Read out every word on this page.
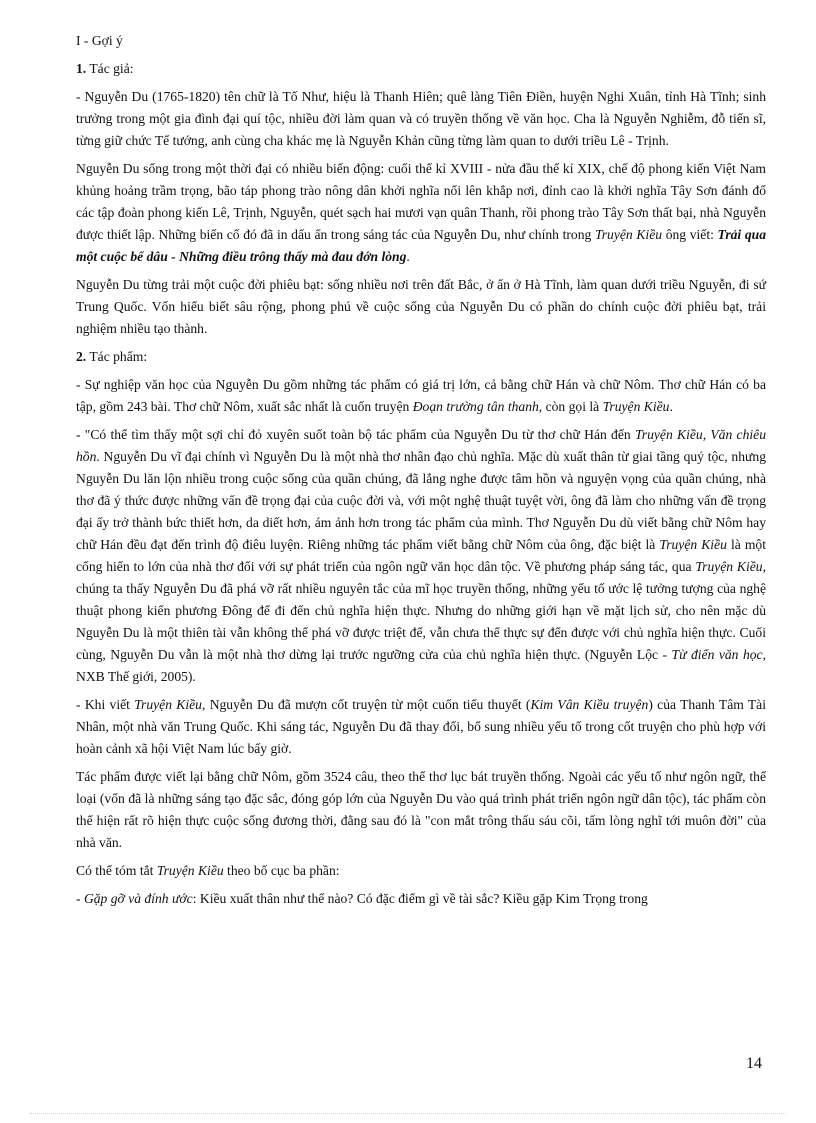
I - Gợi ý

1. Tác giả:

- Nguyễn Du (1765-1820) tên chữ là Tố Như, hiệu là Thanh Hiên; quê làng Tiên Điền, huyện Nghi Xuân, tỉnh Hà Tĩnh; sinh trưởng trong một gia đình đại quí tộc, nhiều đời làm quan và có truyền thống về văn học. Cha là Nguyễn Nghiễm, đỗ tiến sĩ, từng giữ chức Tể tướng, anh cùng cha khác mẹ là Nguyễn Khản cũng từng làm quan to dưới triều Lê - Trịnh.

Nguyễn Du sống trong một thời đại có nhiều biến động: cuối thế kỉ XVIII - nửa đầu thế kỉ XIX, chế độ phong kiến Việt Nam khủng hoảng trầm trọng, bão táp phong trào nông dân khởi nghĩa nổi lên khắp nơi, đỉnh cao là khởi nghĩa Tây Sơn đánh đổ các tập đoàn phong kiến Lê, Trịnh, Nguyễn, quét sạch hai mươi vạn quân Thanh, rồi phong trào Tây Sơn thất bại, nhà Nguyễn được thiết lập. Những biến cố đó đã in dấu ấn trong sáng tác của Nguyễn Du, như chính trong Truyện Kiều ông viết: Trải qua một cuộc bể dâu - Những điều trông thấy mà đau đớn lòng.

Nguyễn Du từng trải một cuộc đời phiêu bạt: sống nhiều nơi trên đất Bắc, ở ẩn ở Hà Tĩnh, làm quan dưới triều Nguyễn, đi sứ Trung Quốc. Vốn hiểu biết sâu rộng, phong phú về cuộc sống của Nguyễn Du có phần do chính cuộc đời phiêu bạt, trải nghiệm nhiều tạo thành.

2. Tác phẩm:

- Sự nghiệp văn học của Nguyễn Du gồm những tác phẩm có giá trị lớn, cả bằng chữ Hán và chữ Nôm. Thơ chữ Hán có ba tập, gồm 243 bài. Thơ chữ Nôm, xuất sắc nhất là cuốn truyện Đoạn trường tân thanh, còn gọi là Truyện Kiều.

- "Có thể tìm thấy một sợi chỉ đỏ xuyên suốt toàn bộ tác phẩm của Nguyễn Du từ thơ chữ Hán đến Truyện Kiều, Văn chiêu hồn. Nguyễn Du vĩ đại chính vì Nguyễn Du là một nhà thơ nhân đạo chủ nghĩa. Mặc dù xuất thân từ giai tầng quý tộc, nhưng Nguyễn Du lăn lộn nhiều trong cuộc sống của quần chúng, đã lắng nghe được tâm hồn và nguyện vọng của quần chúng, nhà thơ đã ý thức được những vấn đề trọng đại của cuộc đời và, với một nghệ thuật tuyệt vời, ông đã làm cho những vấn đề trọng đại ấy trở thành bức thiết hơn, da diết hơn, ám ảnh hơn trong tác phẩm của mình. Thơ Nguyễn Du dù viết bằng chữ Nôm hay chữ Hán đều đạt đến trình độ điêu luyện. Riêng những tác phẩm viết bằng chữ Nôm của ông, đặc biệt là Truyện Kiều là một cống hiến to lớn của nhà thơ đối với sự phát triển của ngôn ngữ văn học dân tộc. Về phương pháp sáng tác, qua Truyện Kiều, chúng ta thấy Nguyễn Du đã phá vỡ rất nhiều nguyên tắc của mĩ học truyền thống, những yếu tố ước lệ tưởng tượng của nghệ thuật phong kiến phương Đông để đi đến chủ nghĩa hiện thực. Nhưng do những giới hạn về mặt lịch sử, cho nên mặc dù Nguyễn Du là một thiên tài vẫn không thể phá vỡ được triệt để, vẫn chưa thể thực sự đến được với chủ nghĩa hiện thực. Cuối cùng, Nguyễn Du vẫn là một nhà thơ dừng lại trước ngưỡng cửa của chủ nghĩa hiện thực. (Nguyễn Lộc - Từ điển văn học, NXB Thế giới, 2005).

- Khi viết Truyện Kiều, Nguyễn Du đã mượn cốt truyện từ một cuốn tiểu thuyết (Kim Vân Kiều truyện) của Thanh Tâm Tài Nhân, một nhà văn Trung Quốc. Khi sáng tác, Nguyễn Du đã thay đổi, bổ sung nhiều yếu tố trong cốt truyện cho phù hợp với hoàn cảnh xã hội Việt Nam lúc bấy giờ.

Tác phẩm được viết lại bằng chữ Nôm, gồm 3524 câu, theo thể thơ lục bát truyền thống. Ngoài các yếu tố như ngôn ngữ, thể loại (vốn đã là những sáng tạo đặc sắc, đóng góp lớn của Nguyễn Du vào quá trình phát triển ngôn ngữ dân tộc), tác phẩm còn thể hiện rất rõ hiện thực cuộc sống đương thời, đằng sau đó là "con mắt trông thấu sáu cõi, tấm lòng nghĩ tới muôn đời" của nhà văn.

Có thể tóm tắt Truyện Kiều theo bố cục ba phần:

- Gặp gỡ và đính ước: Kiều xuất thân như thế nào? Có đặc điểm gì về tài sắc? Kiều gặp Kim Trọng trong

14
